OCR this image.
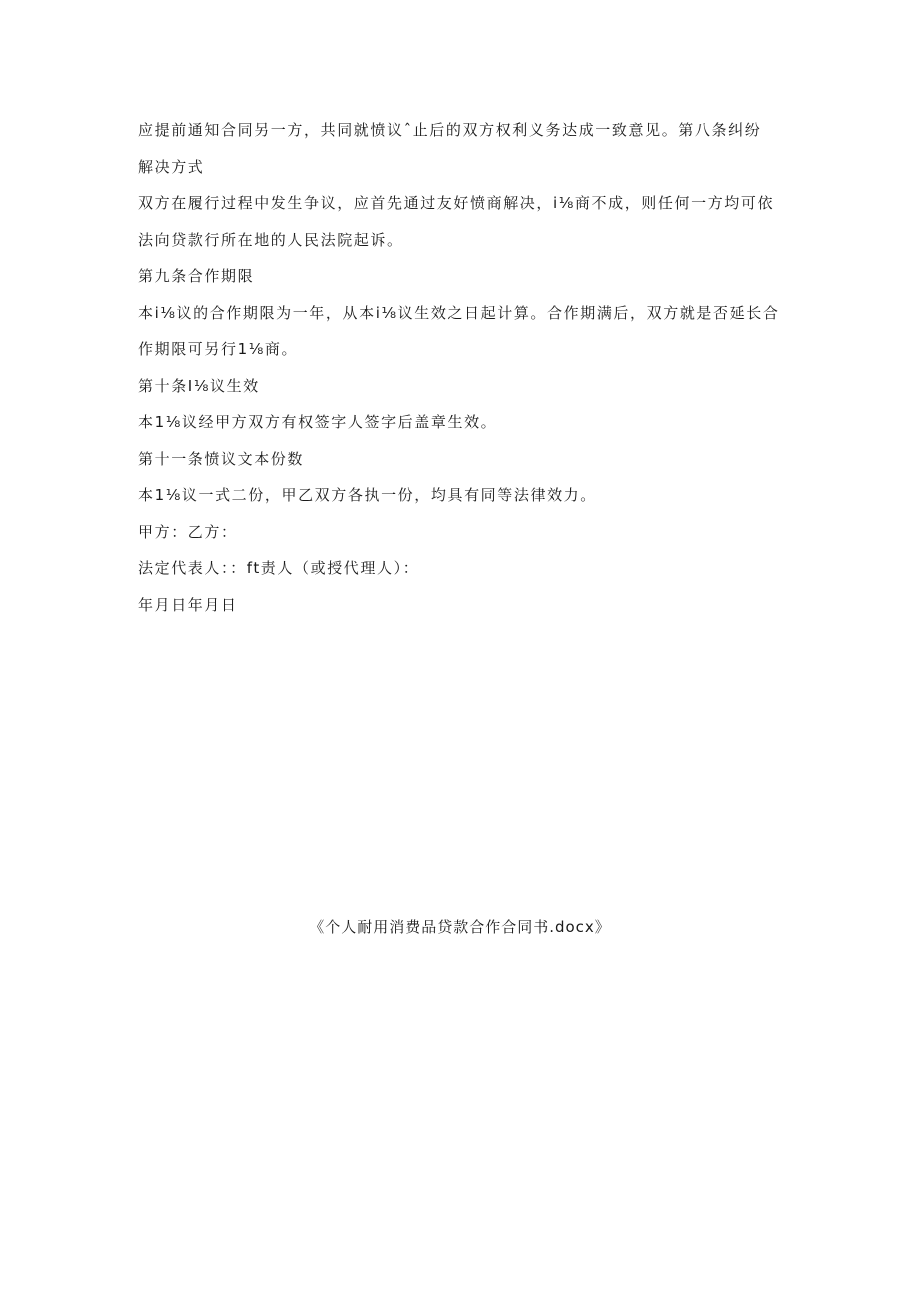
应提前通知合同另一方，共同就愤议ˆ止后的双方权利义务达成一致意见。第八条纠纷

解决方式

双方在履行过程中发生争议，应首先通过友好愤商解决，i⅛商不成，则任何一方均可依

法向贷款行所在地的人民法院起诉。

第九条合作期限

本i⅛议的合作期限为一年，从本i⅛议生效之日起计算。合作期满后，双方就是否延长合

作期限可另行1⅛商。

第十条I⅛议生效

本1⅛议经甲方双方有权签字人签字后盖章生效。

第十一条愤议文本份数

本1⅛议一式二份，甲乙双方各执一份，均具有同等法律效力。

甲方：乙方：

法定代表人：：ft责人（或授代理人）：

年月日年月日

《个人耐用消费品贷款合作合同书.docx》
